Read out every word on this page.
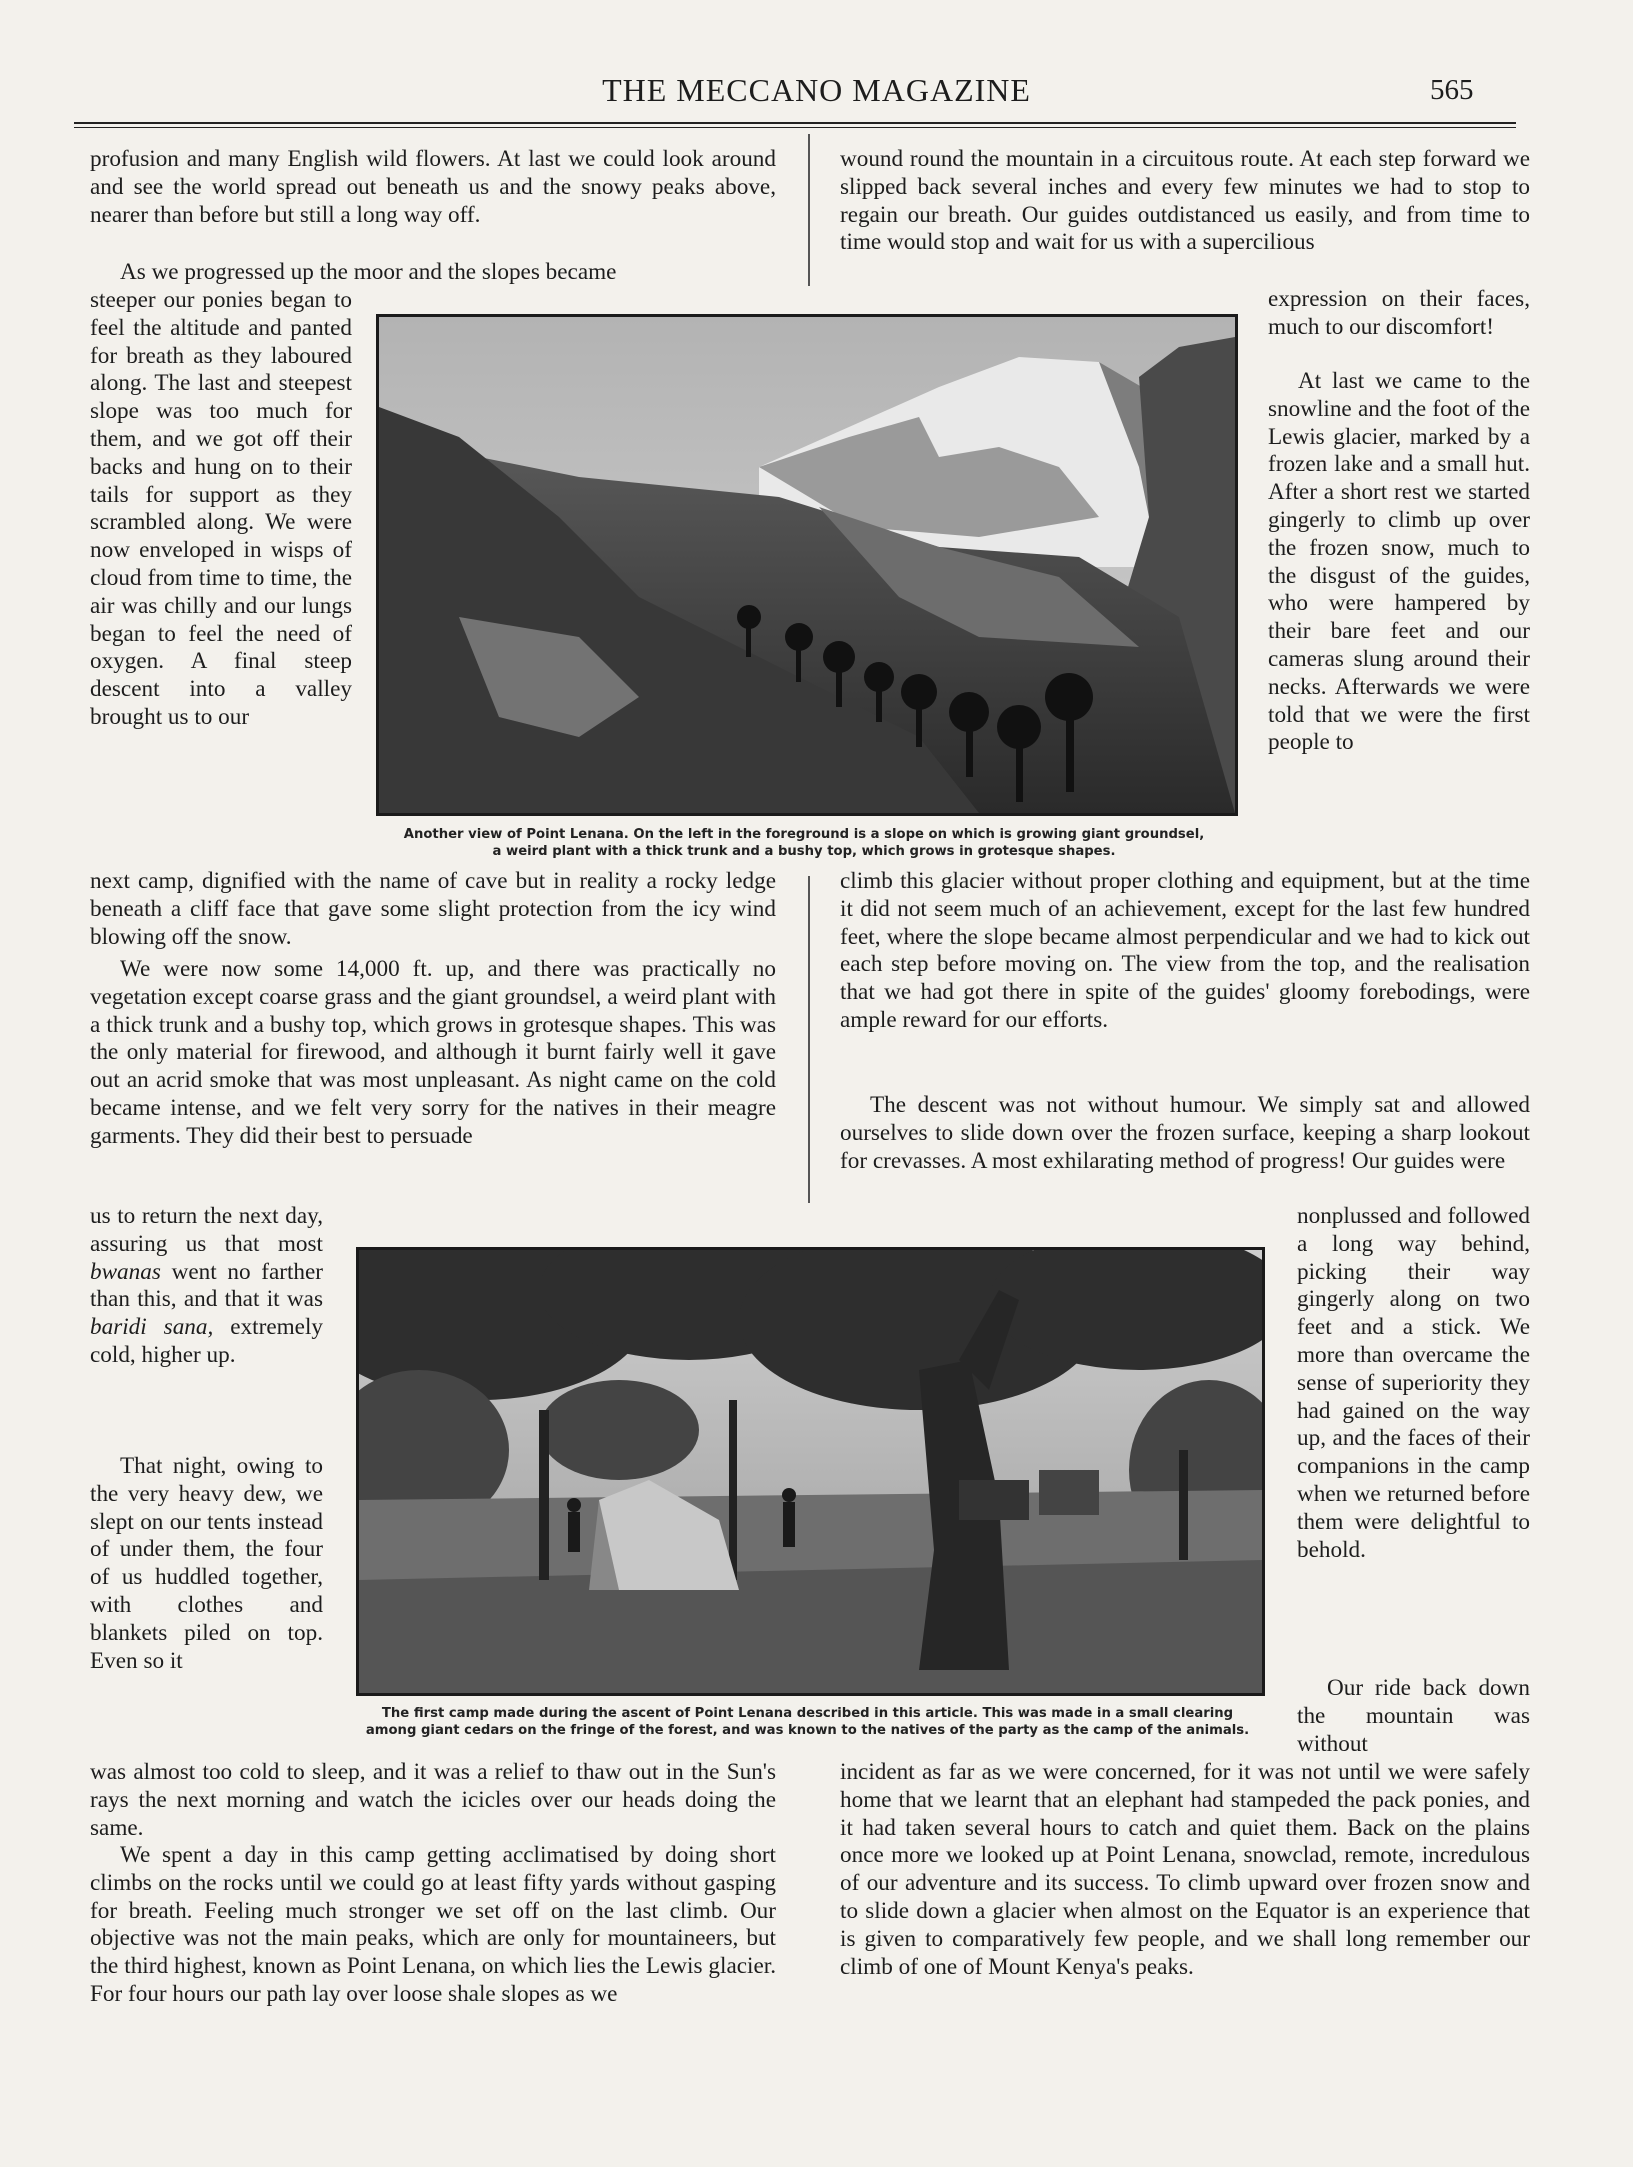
THE MECCANO MAGAZINE	565

profusion and many English wild flowers. At last we could look around and see the world spread out beneath us and the snowy peaks above, nearer than before but still a long way off.

As we progressed up the moor and the slopes became
steeper our ponies began to feel the altitude and panted for breath as they laboured along. The last and steepest slope was too much for them, and we got off their backs and hung on to their tails for support as they scrambled along. We were now enveloped in wisps of cloud from time to time, the air was chilly and our lungs began to feel the need of oxygen. A final steep descent into a valley brought us to our
next camp, dignified with the name of cave but in reality a rocky ledge beneath a cliff face that gave some slight protection from the icy wind blowing off the snow.

We were now some 14,000 ft. up, and there was practically no vegetation except coarse grass and the giant groundsel, a weird plant with a thick trunk and a bushy top, which grows in grotesque shapes. This was the only material for firewood, and although it burnt fairly well it gave out an acrid smoke that was most unpleasant. As night came on the cold became intense, and we felt very sorry for the natives in their meagre garments. They did their best to persuade

us to return the next day, assuring us that most bwanas went no farther than this, and that it was baridi sana, extremely cold, higher up.

That night, owing to the very heavy dew, we slept on our tents instead of under them, the four of us huddled together, with clothes and blankets piled on top. Even so it

was almost too cold to sleep, and it was a relief to thaw out in the Sun's rays the next morning and watch the icicles over our heads doing the same.

We spent a day in this camp getting acclimatised by doing short climbs on the rocks until we could go at least fifty yards without gasping for breath. Feeling much stronger we set off on the last climb. Our objective was not the main peaks, which are only for mountaineers, but the third highest, known as Point Lenana, on which lies the Lewis glacier. For four hours our path lay over loose shale slopes as we

wound round the mountain in a circuitous route. At each step forward we slipped back several inches and every few minutes we had to stop to regain our breath. Our guides outdistanced us easily, and from time to time would stop and wait for us with a supercilious
expression on their faces, much to our discomfort!

At last we came to the snowline and the foot of the Lewis glacier, marked by a frozen lake and a small hut. After a short rest we started gingerly to climb up over the frozen snow, much to the disgust of the guides, who were hampered by their bare feet and our cameras slung around their necks. Afterwards we were told that we were the first people to

climb this glacier without proper clothing and equipment, but at the time it did not seem much of an achievement, except for the last few hundred feet, where the slope became almost perpendicular and we had to kick out each step before moving on. The view from the top, and the realisation that we had got there in spite of the guides' gloomy forebodings, were ample reward for our efforts.

The descent was not without humour. We simply sat and allowed ourselves to slide down over the frozen surface, keeping a sharp lookout for crevasses. A most exhilarating method of progress! Our guides were

nonplussed and followed a long way behind, picking their way gingerly along on two feet and a stick. We more than overcame the sense of superiority they had gained on the way up, and the faces of their companions in the camp when we returned before them were delightful to behold.

Our ride back down the mountain was without

incident as far as we were concerned, for it was not until we were safely home that we learnt that an elephant had stampeded the pack ponies, and it had taken several hours to catch and quiet them. Back on the plains once more we looked up at Point Lenana, snowclad, remote, incredulous of our adventure and its success. To climb upward over frozen snow and to slide down a glacier when almost on the Equator is an experience that is given to comparatively few people, and we shall long remember our climb of one of Mount Kenya's peaks.
Another view of Point Lenana. On the left in the foreground is a slope on which is growing giant groundsel,
a weird plant with a thick trunk and a bushy top, which grows in grotesque shapes.
The first camp made during the ascent of Point Lenana described in this article. This was made in a small clearing
among giant cedars on the fringe of the forest, and was known to the natives of the party as the camp of the animals.
